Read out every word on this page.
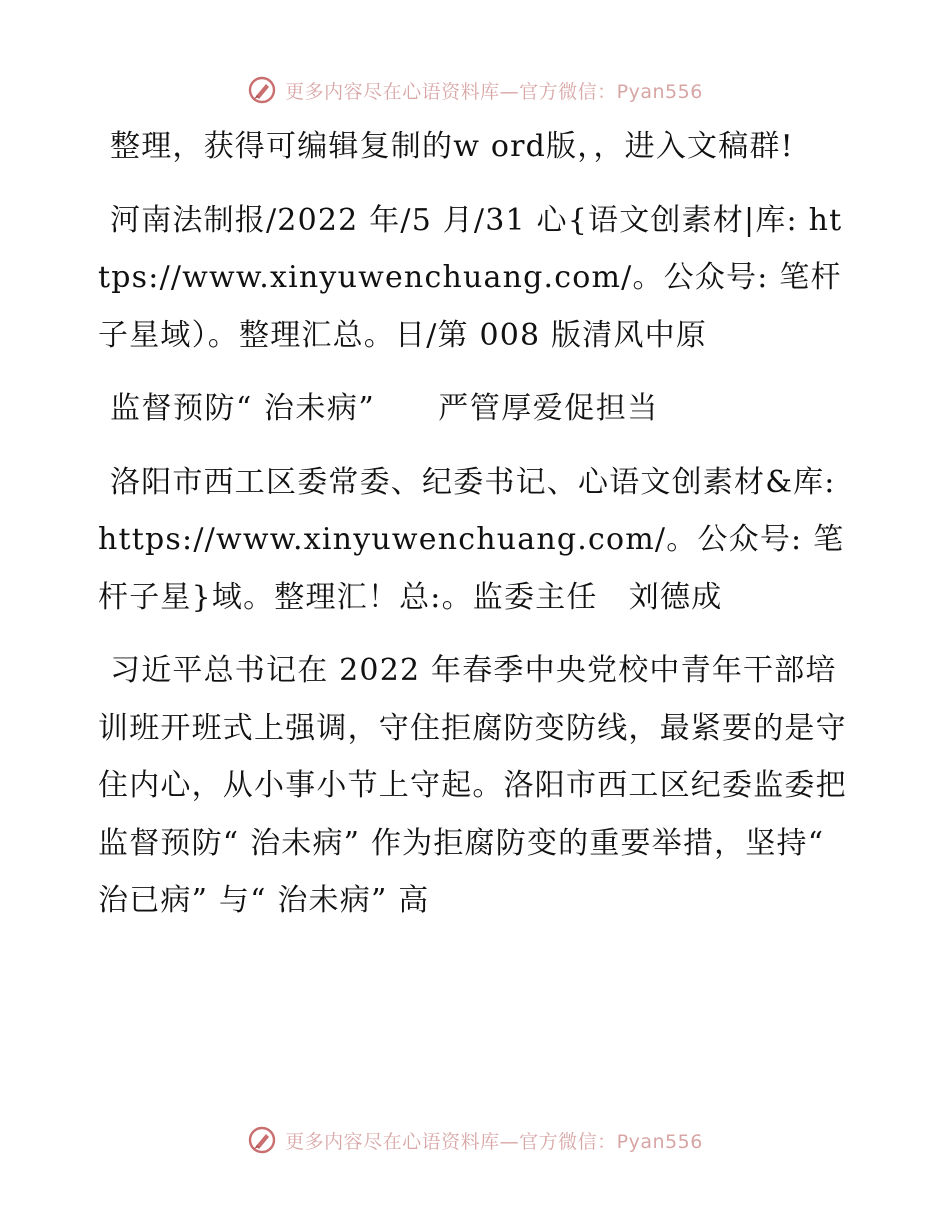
更多内容尽在心语资料库—官方微信：Pyan556

整理，获得可编辑复制的w ord版，，进入文稿群!

河南法制报/2022 年/5 月/31 心{语文创素材|库: https://www.xinyuwenchuang.com/。公众号: 笔杆子星域）。整理汇总。日/第 008 版清风中原

监督预防“ 治未病”　　严管厚爱促担当

洛阳市西工区委常委、纪委书记、心语文创素材&库: https://www.xinyuwenchuang.com/。公众号: 笔杆子星}域。整理汇！总:。监委主任　刘德成

习近平总书记在 2022 年春季中央党校中青年干部培训班开班式上强调，守住拒腐防变防线，最紧要的是守住内心，从小事小节上守起。洛阳市西工区纪委监委把监督预防“ 治未病” 作为拒腐防变的重要举措，坚持“ 治已病” 与“ 治未病” 高

更多内容尽在心语资料库—官方微信：Pyan556
